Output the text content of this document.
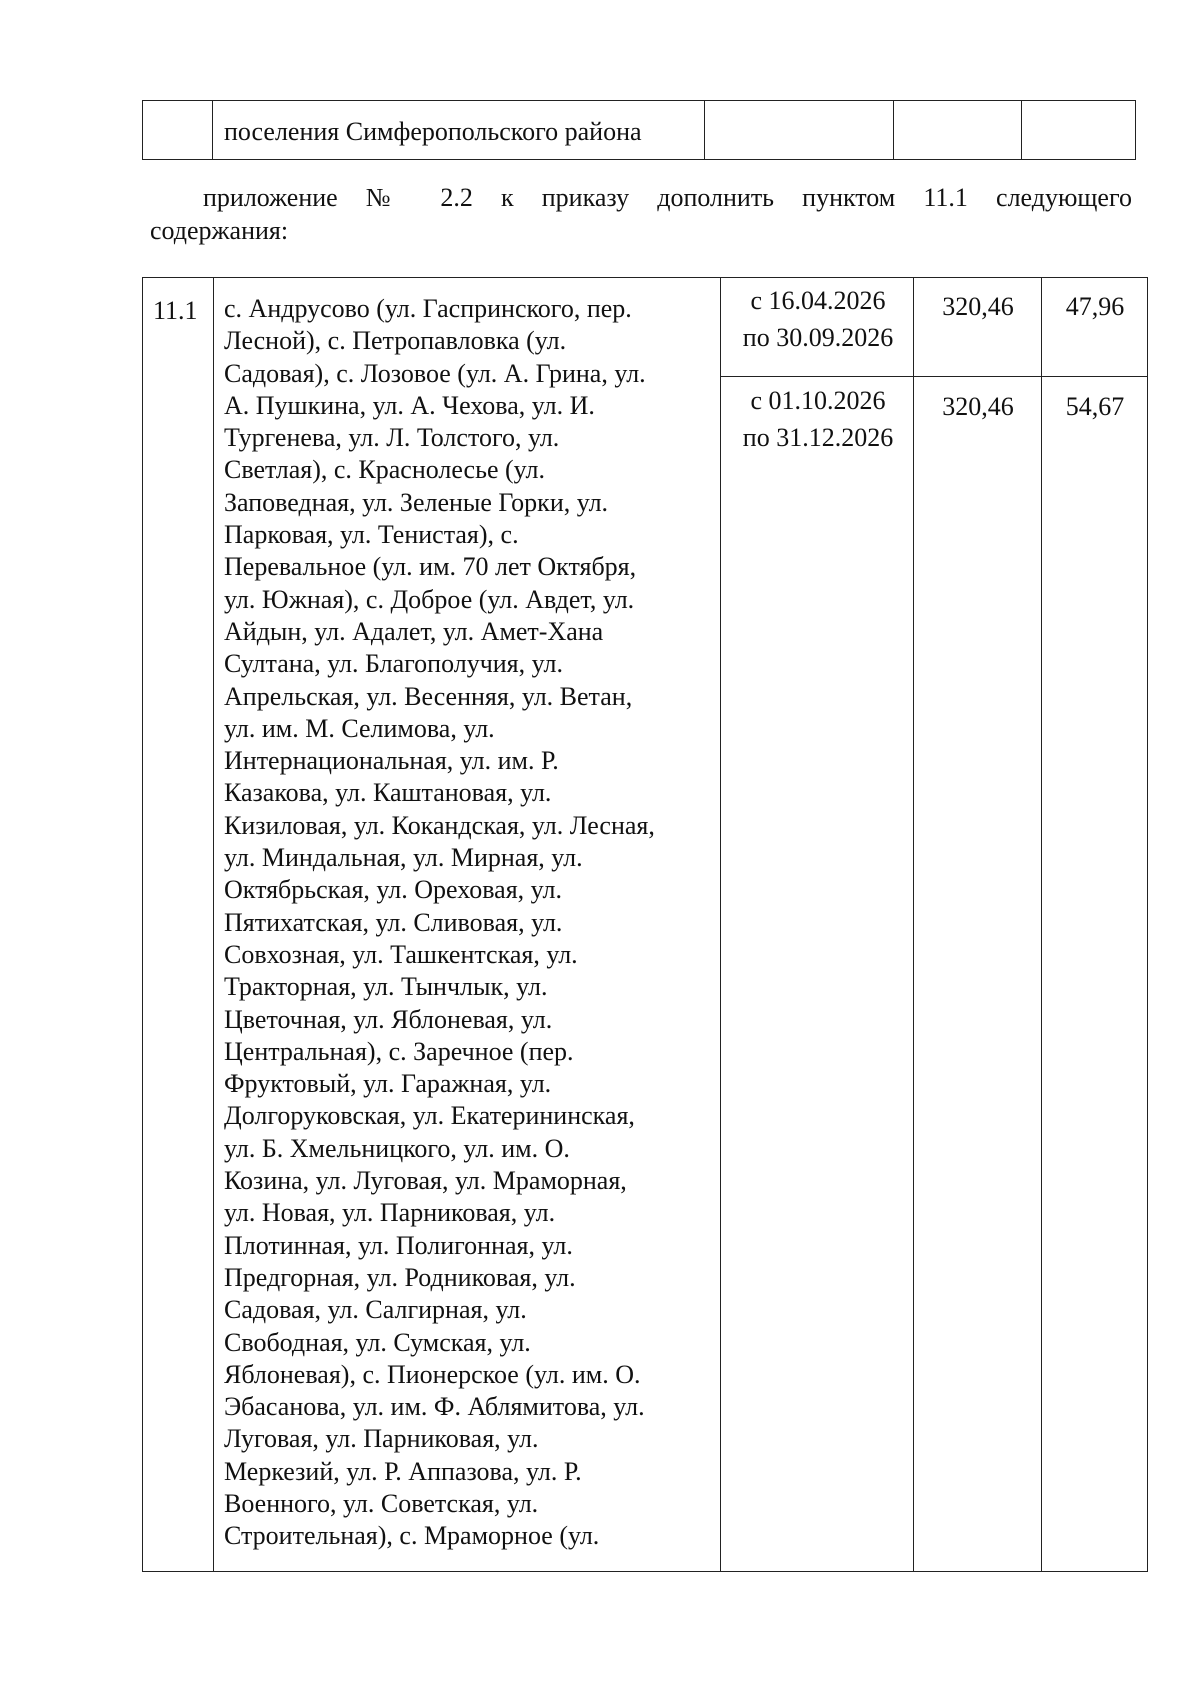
поселения Симферопольского района
приложение № 2.2 к приказу дополнить пунктом 11.1 следующего
содержания:
11.1 с. Андрусово (ул. Гаспринского, пер.
Лесной), с. Петропавловка (ул.
Садовая), с. Лозовое (ул. А. Грина, ул.
А. Пушкина, ул. А. Чехова, ул. И.
Тургенева, ул. Л. Толстого, ул.
Светлая), с. Краснолесье (ул.
Заповедная, ул. Зеленые Горки, ул.
Парковая, ул. Тенистая), с.
Перевальное (ул. им. 70 лет Октября,
ул. Южная), с. Доброе (ул. Авдет, ул.
Айдын, ул. Адалет, ул. Амет-Хана
Султана, ул. Благополучия, ул.
Апрельская, ул. Весенняя, ул. Ветан,
ул. им. М. Селимова, ул.
Интернациональная, ул. им. Р.
Казакова, ул. Каштановая, ул.
Кизиловая, ул. Кокандская, ул. Лесная,
ул. Миндальная, ул. Мирная, ул.
Октябрьская, ул. Ореховая, ул.
Пятихатская, ул. Сливовая, ул.
Совхозная, ул. Ташкентская, ул.
Тракторная, ул. Тынчлык, ул.
Цветочная, ул. Яблоневая, ул.
Центральная), с. Заречное (пер.
Фруктовый, ул. Гаражная, ул.
Долгоруковская, ул. Екатерининская,
ул. Б. Хмельницкого, ул. им. О.
Козина, ул. Луговая, ул. Мраморная,
ул. Новая, ул. Парниковая, ул.
Плотинная, ул. Полигонная, ул.
Предгорная, ул. Родниковая, ул.
Садовая, ул. Салгирная, ул.
Свободная, ул. Сумская, ул.
Яблоневая), с. Пионерское (ул. им. О.
Эбасанова, ул. им. Ф. Аблямитова, ул.
Луговая, ул. Парниковая, ул.
Меркезий, ул. Р. Аппазова, ул. Р.
Военного, ул. Советская, ул.
Строительная), с. Мраморное (ул.
с 16.04.2026
по 30.09.2026
320,46	47,96
с 01.10.2026
по 31.12.2026
320,46	54,67
